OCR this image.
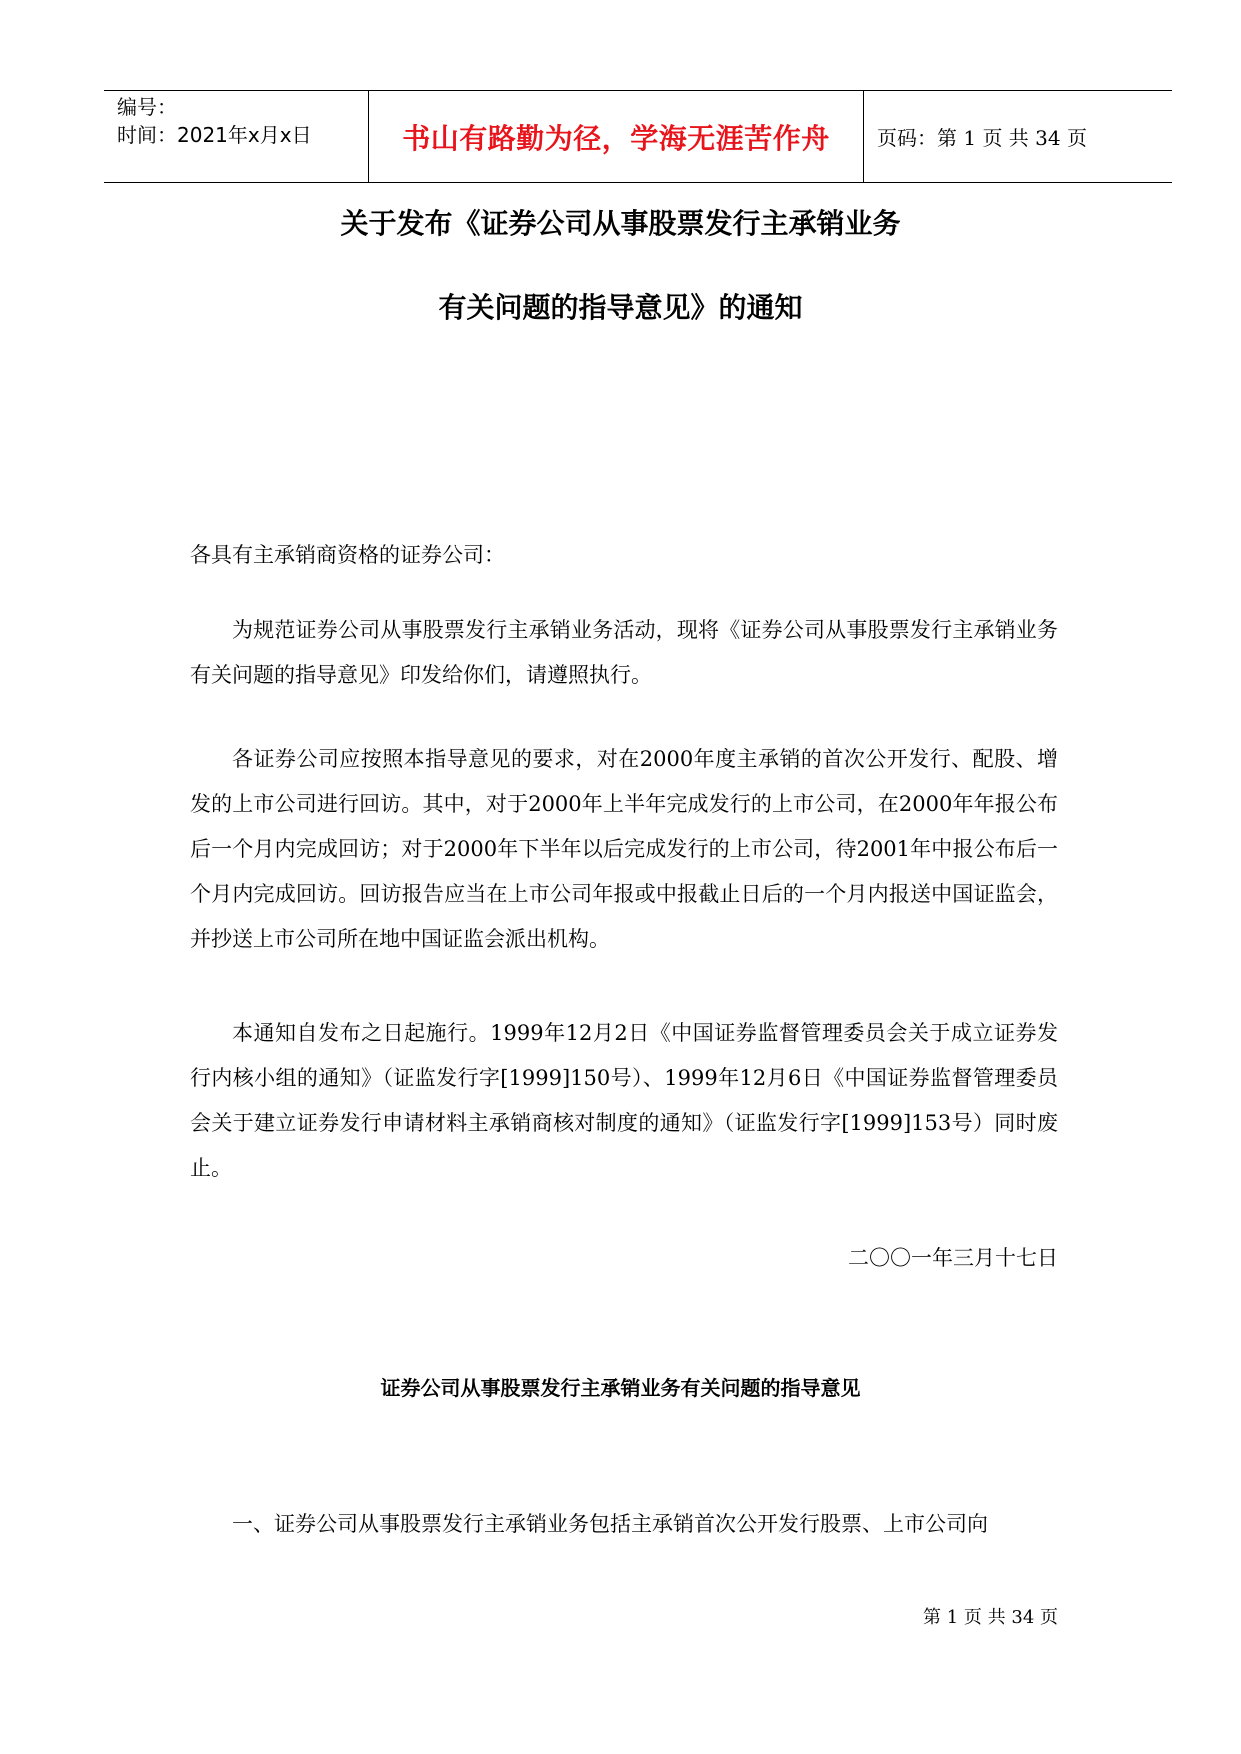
编号：
时间：2021年x月x日	书山有路勤为径，学海无涯苦作舟 页码：第 1 页 共 34 页
关于发布《证券公司从事股票发行主承销业务
有关问题的指导意见》的通知
各具有主承销商资格的证券公司：
为规范证券公司从事股票发行主承销业务活动，现将《证券公司从事股票发行主承销业务有关问题的指导意见》印发给你们，请遵照执行。
各证券公司应按照本指导意见的要求，对在2000年度主承销的首次公开发行、配股、增发的上市公司进行回访。其中，对于2000年上半年完成发行的上市公司，在2000年年报公布后一个月内完成回访；对于2000年下半年以后完成发行的上市公司，待2001年中报公布后一个月内完成回访。回访报告应当在上市公司年报或中报截止日后的一个月内报送中国证监会，并抄送上市公司所在地中国证监会派出机构。
本通知自发布之日起施行。1999年12月2日《中国证券监督管理委员会关于成立证券发行内核小组的通知》（证监发行字[1999]150号）、1999年12月6日《中国证券监督管理委员会关于建立证券发行申请材料主承销商核对制度的通知》（证监发行字[1999]153号）同时废止。
二〇〇一年三月十七日
证券公司从事股票发行主承销业务有关问题的指导意见
一、证券公司从事股票发行主承销业务包括主承销首次公开发行股票、上市公司向
第 1 页 共 34 页
